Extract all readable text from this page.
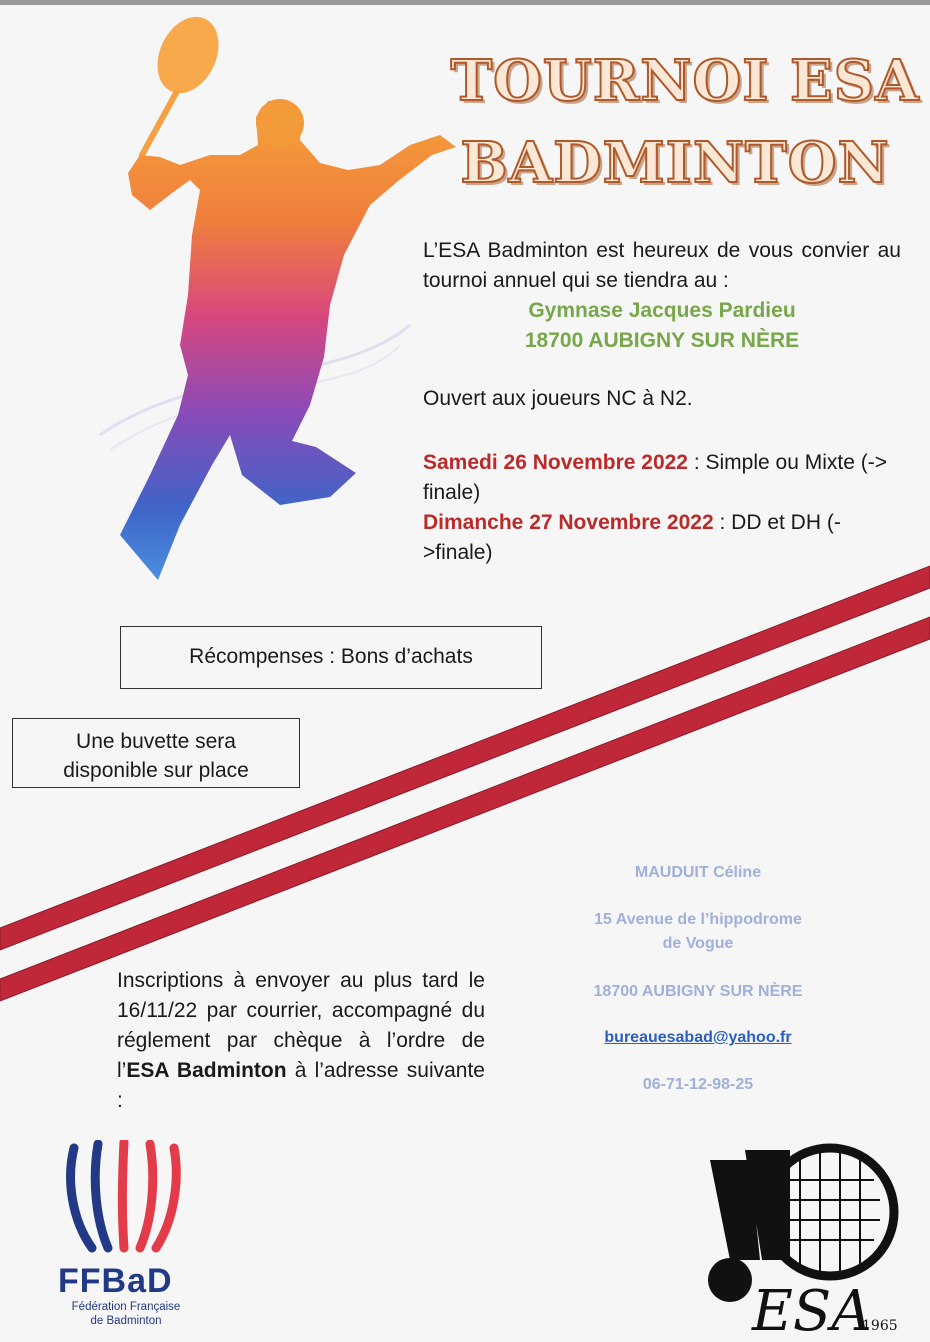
TOURNOI ESA
BADMINTON
L’ESA Badminton est heureux de vous convier au tournoi annuel qui se tiendra au :
Gymnase Jacques Pardieu
18700 AUBIGNY SUR NÈRE
Ouvert aux joueurs NC à N2.
Samedi 26 Novembre 2022 : Simple ou Mixte (-> finale)
Dimanche 27 Novembre 2022 : DD et DH (->finale)
Récompenses : Bons d’achats
Une buvette sera
disponible sur place
Inscriptions à envoyer au plus tard le 16/11/22 par courrier, accompagné du réglement par chèque à l’ordre de l’ESA Badminton à l’adresse suivante :
MAUDUIT Céline
15 Avenue de l’hippodrome
de Vogue
18700 AUBIGNY SUR NÈRE
bureauesabad@yahoo.fr
06-71-12-98-25
FFBaD
Fédération Française
de Badminton	ESA
1965
